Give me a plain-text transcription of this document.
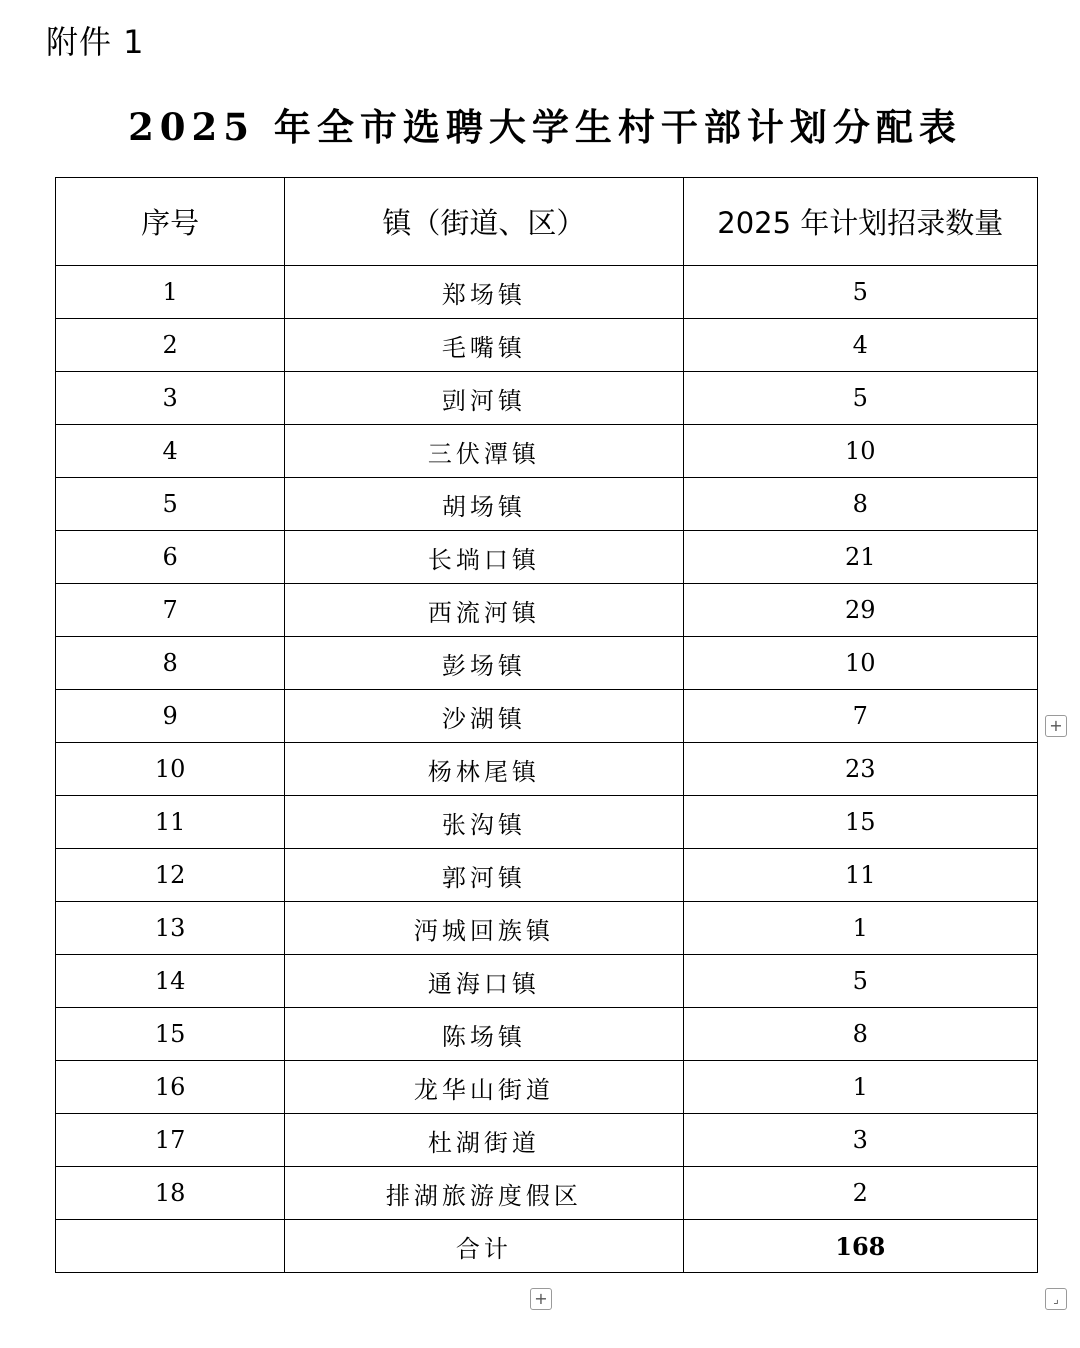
附件 1
2025 年全市选聘大学生村干部计划分配表
序号	镇（街道、区）	2025 年计划招录数量
1	郑场镇	5
2	毛嘴镇	4
3	剅河镇	5
4	三伏潭镇	10
5	胡场镇	8
6	长埫口镇	21
7	西流河镇	29
8	彭场镇	10
9	沙湖镇	7
10	杨林尾镇	23
11	张沟镇	15
12	郭河镇	11
13	沔城回族镇	1
14	通海口镇	5
15	陈场镇	8
16	龙华山街道	1
17	杜湖街道	3
18	排湖旅游度假区	2
	合计	168
+
+	⌟
